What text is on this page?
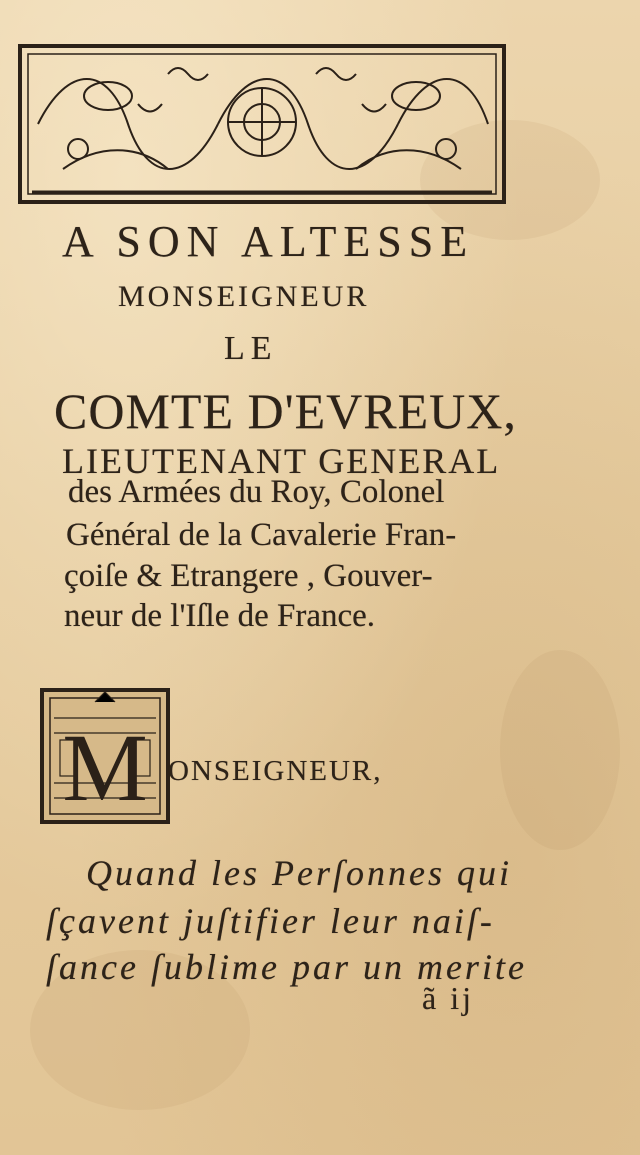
A SON ALTESSE
MONSEIGNEUR
LE
COMTE D'EVREUX,
LIEUTENANT GENERAL
des Armées du Roy, Colonel
Général de la Cavalerie Fran-
çoiſe & Etrangere , Gouver-
neur de l'Iſle de France.
M ONSEIGNEUR,
Quand les Perſonnes qui
ſçavent juſtifier leur naiſ-
ſance ſublime par un merite
ã ij
